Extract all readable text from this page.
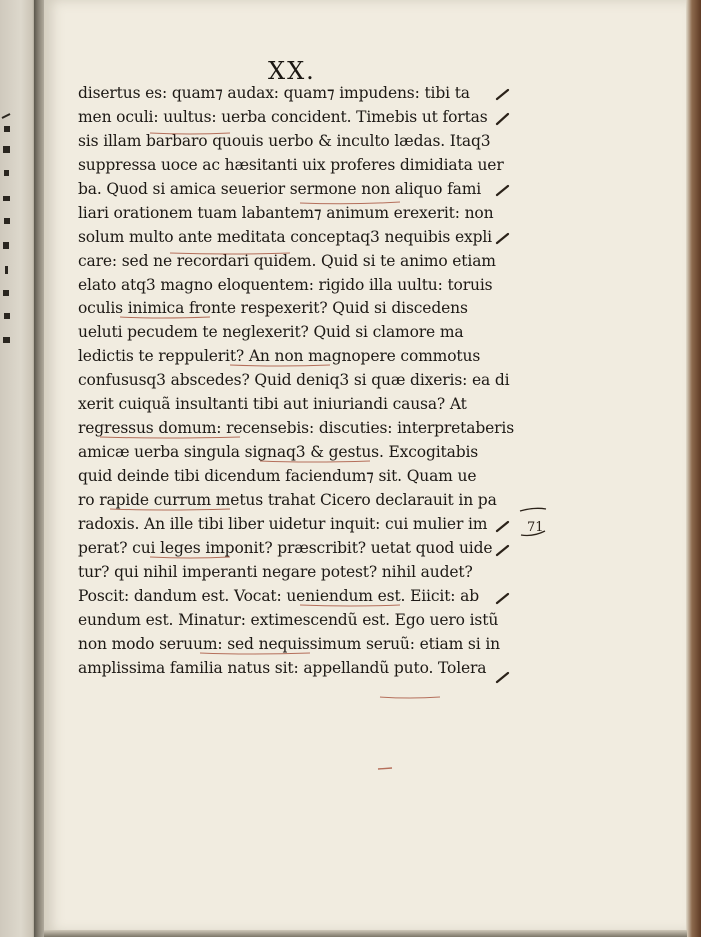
XX.
disertus es: quam⁊ audax: quam⁊ impudens: tibi ta
men oculi: uultus: uerba concident. Timebis ut fortas
sis illam barbaro quouis uerbo & inculto lædas. Itaq3
suppressa uoce ac hæsitanti uix proferes dimidiata uer
ba. Quod si amica seuerior sermone non aliquo fami
liari orationem tuam labantem⁊ animum erexerit: non
solum multo ante meditata conceptaq3 nequibis expli
care: sed ne recordari quidem. Quid si te animo etiam
elato atq3 magno eloquentem: rigido illa uultu: toruis
oculis inimica fronte respexerit? Quid si discedens
ueluti pecudem te neglexerit? Quid si clamore ma
ledictis te reppulerit? An non magnopere commotus
confususq3 abscedes? Quid deniq3 si quæ dixeris: ea di
xerit cuiquã insultanti tibi aut iniuriandi causa? At
regressus domum: recensebis: discuties: interpretaberis
amicæ uerba singula signaq3 & gestus. Excogitabis
quid deinde tibi dicendum faciendum⁊ sit. Quam ue
ro rapide currum metus trahat Cicero declarauit in pa
radoxis. An ille tibi liber uidetur inquit: cui mulier im
perat? cui leges imponit? præscribit? uetat quod uide
tur? qui nihil imperanti negare potest? nihil audet?
Poscit: dandum est. Vocat: ueniendum est. Eiicit: ab
eundum est. Minatur: extimescendũ est. Ego uero istũ
non modo seruum: sed nequissimum seruũ: etiam si in
amplissima familia natus sit: appellandũ puto. Tolera
71
